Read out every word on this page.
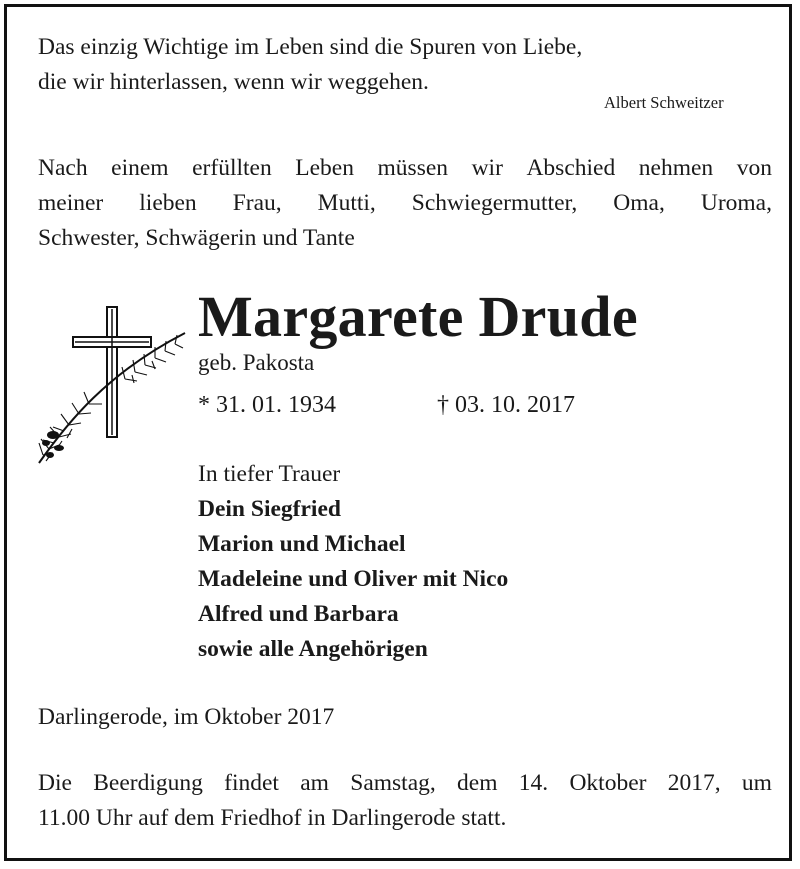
Das einzig Wichtige im Leben sind die Spuren von Liebe,
die wir hinterlassen, wenn wir weggehen.
Albert Schweitzer
Nach einem erfüllten Leben müssen wir Abschied nehmen von
meiner lieben Frau, Mutti, Schwiegermutter, Oma, Uroma,
Schwester, Schwägerin und Tante
Margarete Drude
geb. Pakosta
* 31. 01. 1934	† 03. 10. 2017
In tiefer Trauer
Dein Siegfried
Marion und Michael
Madeleine und Oliver mit Nico
Alfred und Barbara
sowie alle Angehörigen
Darlingerode, im Oktober 2017
Die Beerdigung findet am Samstag, dem 14. Oktober 2017, um
11.00 Uhr auf dem Friedhof in Darlingerode statt.
